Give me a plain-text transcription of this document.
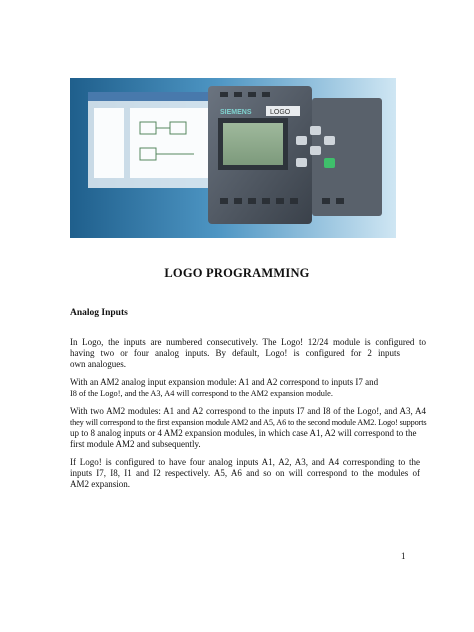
SIEMENS	LOGO
LOGO PROGRAMMING
Analog Inputs

In Logo, the inputs are numbered consecutively. The Logo! 12/24 module is configured to
having two or four analog inputs. By default, Logo! is configured for 2 inputs
own analogues.

With an AM2 analog input expansion module: A1 and A2 correspond to inputs I7 and
I8 of the Logo!, and the A3, A4 will correspond to the AM2 expansion module.

With two AM2 modules: A1 and A2 correspond to the inputs I7 and I8 of the Logo!, and A3, A4
they will correspond to the first expansion module AM2 and A5, A6 to the second module AM2. Logo! supports
up to 8 analog inputs or 4 AM2 expansion modules, in which case A1, A2 will correspond to the
first module AM2 and subsequently.

If Logo! is configured to have four analog inputs A1, A2, A3, and A4 corresponding to the
inputs I7, I8, I1 and I2 respectively. A5, A6 and so on will correspond to the modules of
AM2 expansion.

1
